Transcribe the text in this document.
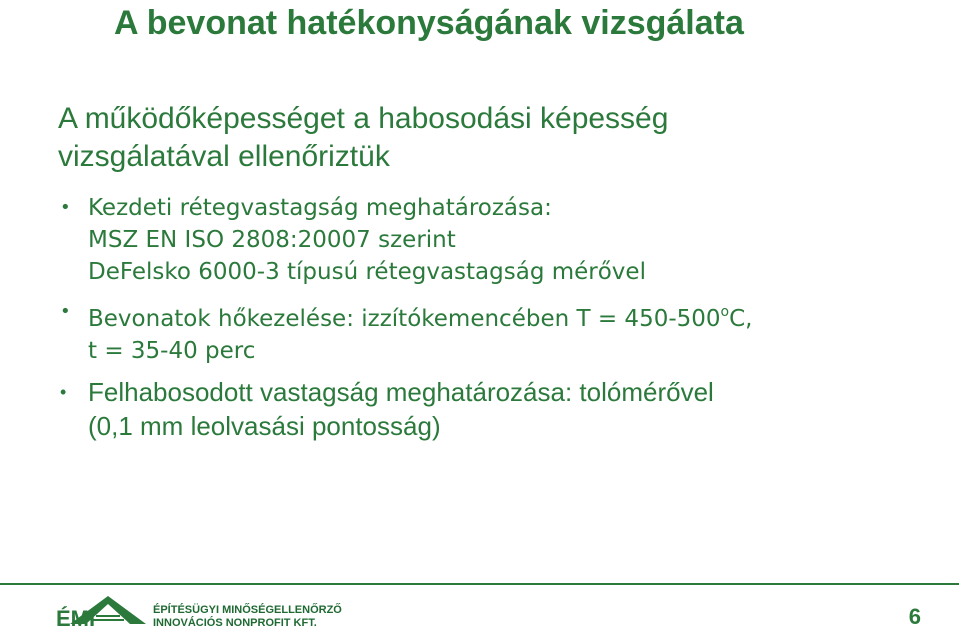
A bevonat hatékonyságának vizsgálata
A működőképességet a habosodási képesség
vizsgálatával ellenőriztük
• Kezdeti rétegvastagság meghatározása:
MSZ EN ISO 2808:20007 szerint
DeFelsko 6000-3 típusú rétegvastagság mérővel
• Bevonatok hőkezelése: izzítókemencében $T = 450-500^oC$,
t = 35-40 perc
• Felhabosodott vastagság meghatározása: tolómérővel
(0,1 mm leolvasási pontosság)
ÉMI	ÉPÍTÉSÜGYI MINŐSÉGELLENŐRZŐ
INNOVÁCIÓS NONPROFIT KFT.	6
